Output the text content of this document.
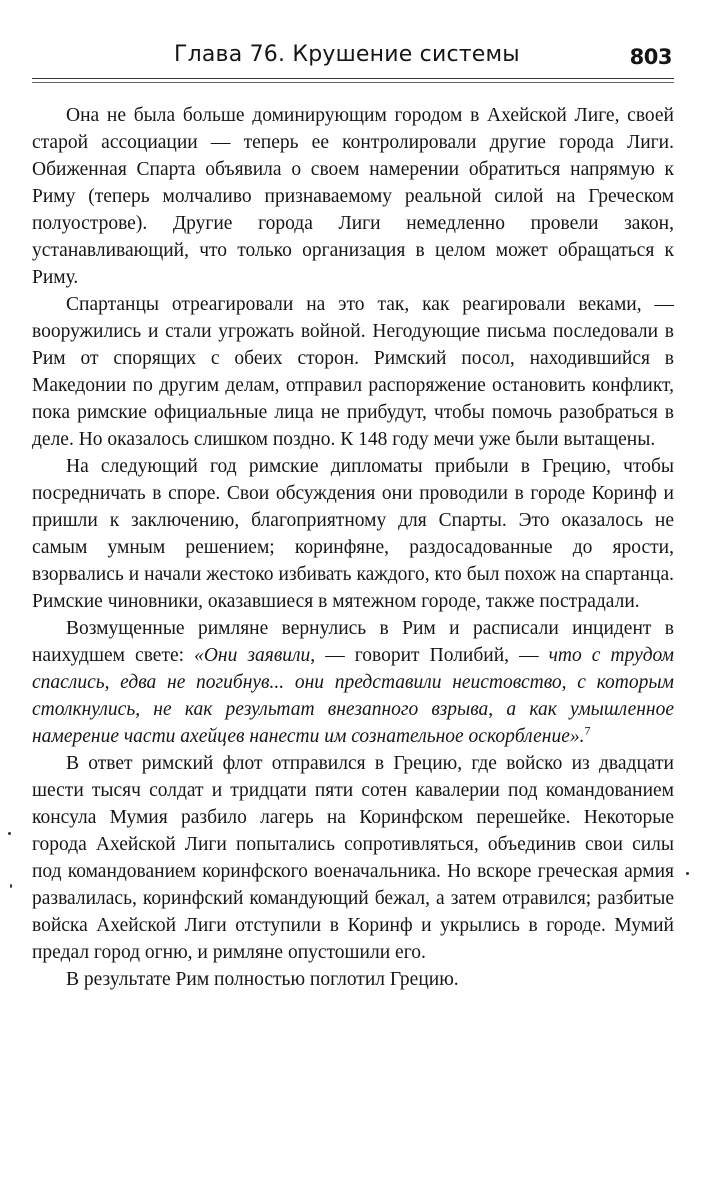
Глава 76. Крушение системы	803

Она не была больше доминирующим городом в Ахейской Лиге, своей старой ассоциации — теперь ее контролировали другие города Лиги. Обиженная Спарта объявила о своем намерении обратиться напрямую к Риму (теперь молчаливо признаваемому реальной силой на Греческом полуострове). Другие города Лиги немедленно провели закон, устанавливающий, что только организация в целом может обращаться к Риму.

Спартанцы отреагировали на это так, как реагировали веками, — вооружились и стали угрожать войной. Негодующие письма последовали в Рим от спорящих с обеих сторон. Римский посол, находившийся в Македонии по другим делам, отправил распоряжение остановить конфликт, пока римские официальные лица не прибудут, чтобы помочь разобраться в деле. Но оказалось слишком поздно. К 148 году мечи уже были вытащены.

На следующий год римские дипломаты прибыли в Грецию, чтобы посредничать в споре. Свои обсуждения они проводили в городе Коринф и пришли к заключению, благоприятному для Спарты. Это оказалось не самым умным решением; коринфяне, раздосадованные до ярости, взорвались и начали жестоко избивать каждого, кто был похож на спартанца. Римские чиновники, оказавшиеся в мятежном городе, также пострадали.

Возмущенные римляне вернулись в Рим и расписали инцидент в наихудшем свете: «Они заявили, — говорит Полибий, — что с трудом спаслись, едва не погибнув... они представили неистовство, с которым столкнулись, не как результат внезапного взрыва, а как умышленное намерение части ахейцев нанести им сознательное оскорбление».$^7$

В ответ римский флот отправился в Грецию, где войско из двадцати шести тысяч солдат и тридцати пяти сотен кавалерии под командованием консула Мумия разбило лагерь на Коринфском перешейке. Некоторые города Ахейской Лиги попытались сопротивляться, объединив свои силы под командованием коринфского военачальника. Но вскоре греческая армия развалилась, коринфский командующий бежал, а затем отравился; разбитые войска Ахейской Лиги отступили в Коринф и укрылись в городе. Мумий предал город огню, и римляне опустошили его.

В результате Рим полностью поглотил Грецию.
